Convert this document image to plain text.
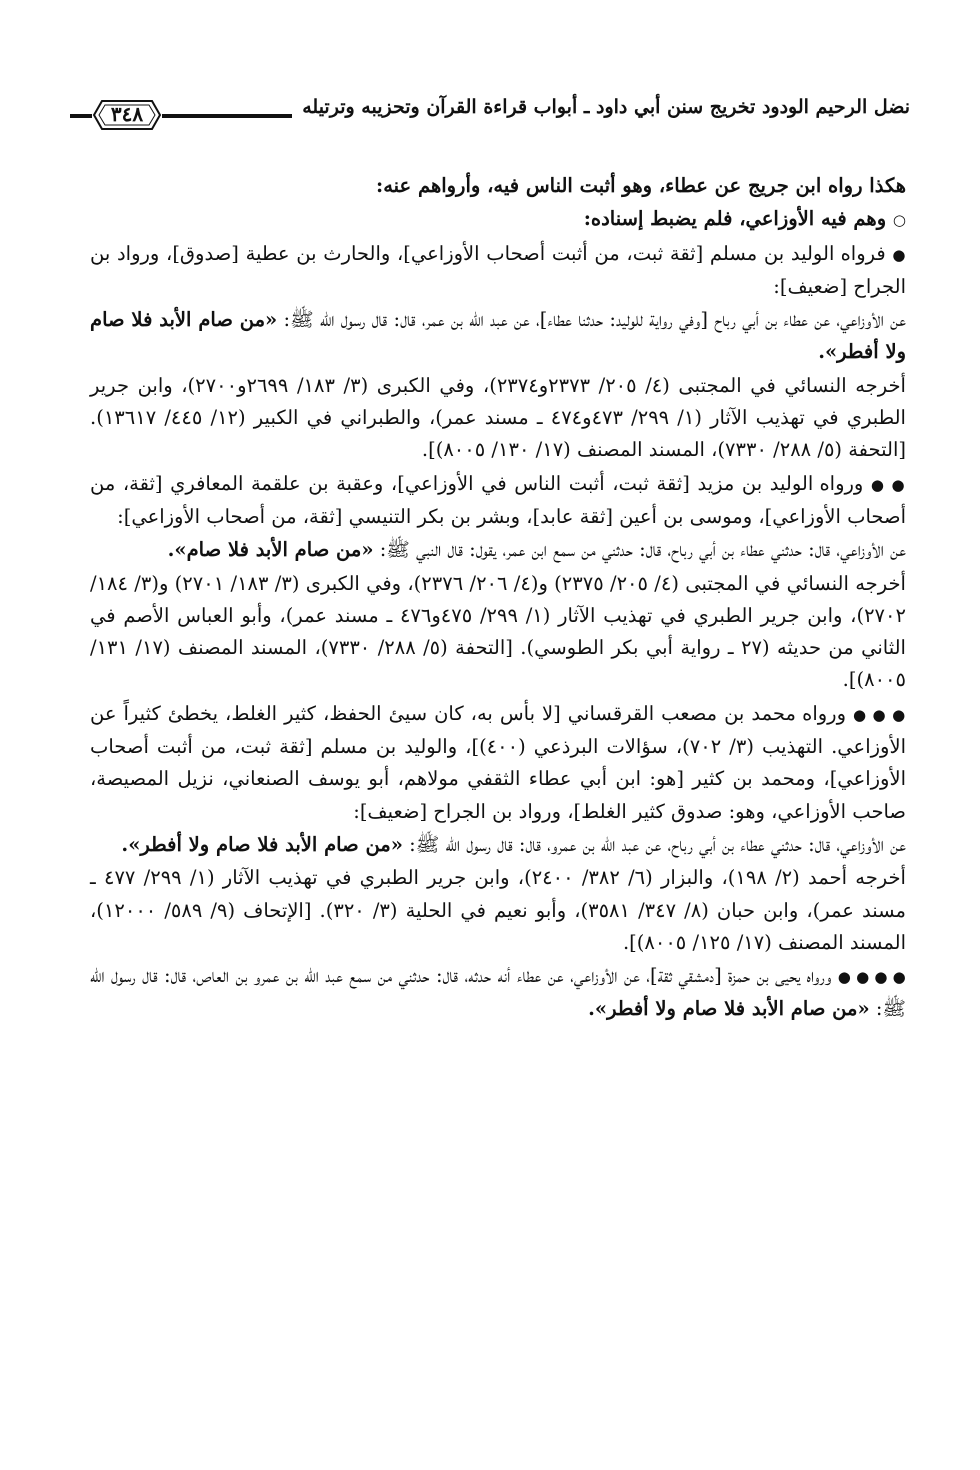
نضل الرحيم الودود تخريج سنن أبي داود ـ أبواب قراءة القرآن وتحزيبه وترتيله
٣٤٨

هكذا رواه ابن جريج عن عطاء، وهو أثبت الناس فيه، وأرواهم عنه:

○ وهم فيه الأوزاعي، فلم يضبط إسناده:

● فرواه الوليد بن مسلم [ثقة ثبت، من أثبت أصحاب الأوزاعي]، والحارث بن عطية [صدوق]، ورواد بن الجراح [ضعيف]:

عن الأوزاعي، عن عطاء بن أبي رباح [وفي رواية للوليد: حدثنا عطاء]، عن عبد الله بن عمر، قال: قال رسول الله ﷺ: «من صام الأبد فلا صام ولا أفطر».

أخرجه النسائي في المجتبى (٤/ ٢٠٥/ ٢٣٧٣و٢٣٧٤)، وفي الكبرى (٣/ ١٨٣/ ٢٦٩٩و٢٧٠٠)، وابن جرير الطبري في تهذيب الآثار (١/ ٢٩٩/ ٤٧٣و٤٧٤ ـ مسند عمر)، والطبراني في الكبير (١٢/ ٤٤٥/ ١٣٦١٧). [التحفة (٥/ ٢٨٨/ ٧٣٣٠)، المسند المصنف (١٧/ ١٣٠/ ٨٠٠٥)].

● ● ورواه الوليد بن مزيد [ثقة ثبت، أثبت الناس في الأوزاعي]، وعقبة بن علقمة المعافري [ثقة، من أصحاب الأوزاعي]، وموسى بن أعين [ثقة عابد]، وبشر بن بكر التنيسي [ثقة، من أصحاب الأوزاعي]:

عن الأوزاعي، قال: حدثني عطاء بن أبي رباح، قال: حدثني من سمع ابن عمر، يقول: قال النبي ﷺ: «من صام الأبد فلا صام».

أخرجه النسائي في المجتبى (٤/ ٢٠٥/ ٢٣٧٥) و(٤/ ٢٠٦/ ٢٣٧٦)، وفي الكبرى (٣/ ١٨٣/ ٢٧٠١) و(٣/ ١٨٤/ ٢٧٠٢)، وابن جرير الطبري في تهذيب الآثار (١/ ٢٩٩/ ٤٧٥و٤٧٦ ـ مسند عمر)، وأبو العباس الأصم في الثاني من حديثه (٢٧ ـ رواية أبي بكر الطوسي). [التحفة (٥/ ٢٨٨/ ٧٣٣٠)، المسند المصنف (١٧/ ١٣١/ ٨٠٠٥)].

● ● ● ورواه محمد بن مصعب القرقساني [لا بأس به، كان سيئ الحفظ، كثير الغلط، يخطئ كثيراً عن الأوزاعي. التهذيب (٣/ ٧٠٢)، سؤالات البرذعي (٤٠٠)]، والوليد بن مسلم [ثقة ثبت، من أثبت أصحاب الأوزاعي]، ومحمد بن كثير [هو: ابن أبي عطاء الثقفي مولاهم، أبو يوسف الصنعاني، نزيل المصيصة، صاحب الأوزاعي، وهو: صدوق كثير الغلط]، ورواد بن الجراح [ضعيف]:

عن الأوزاعي، قال: حدثني عطاء بن أبي رباح، عن عبد الله بن عمرو، قال: قال رسول الله ﷺ: «من صام الأبد فلا صام ولا أفطر».

أخرجه أحمد (٢/ ١٩٨)، والبزار (٦/ ٣٨٢/ ٢٤٠٠)، وابن جرير الطبري في تهذيب الآثار (١/ ٢٩٩/ ٤٧٧ ـ مسند عمر)، وابن حبان (٨/ ٣٤٧/ ٣٥٨١)، وأبو نعيم في الحلية (٣/ ٣٢٠). [الإتحاف (٩/ ٥٨٩/ ١٢٠٠٠)، المسند المصنف (١٧/ ١٢٥/ ٨٠٠٥)].

● ● ● ● ورواه يحيى بن حمزة [دمشقي ثقة]، عن الأوزاعي، عن عطاء أنه حدثه، قال: حدثني من سمع عبد الله بن عمرو بن العاص، قال: قال رسول الله ﷺ: «من صام الأبد فلا صام ولا أفطر».
